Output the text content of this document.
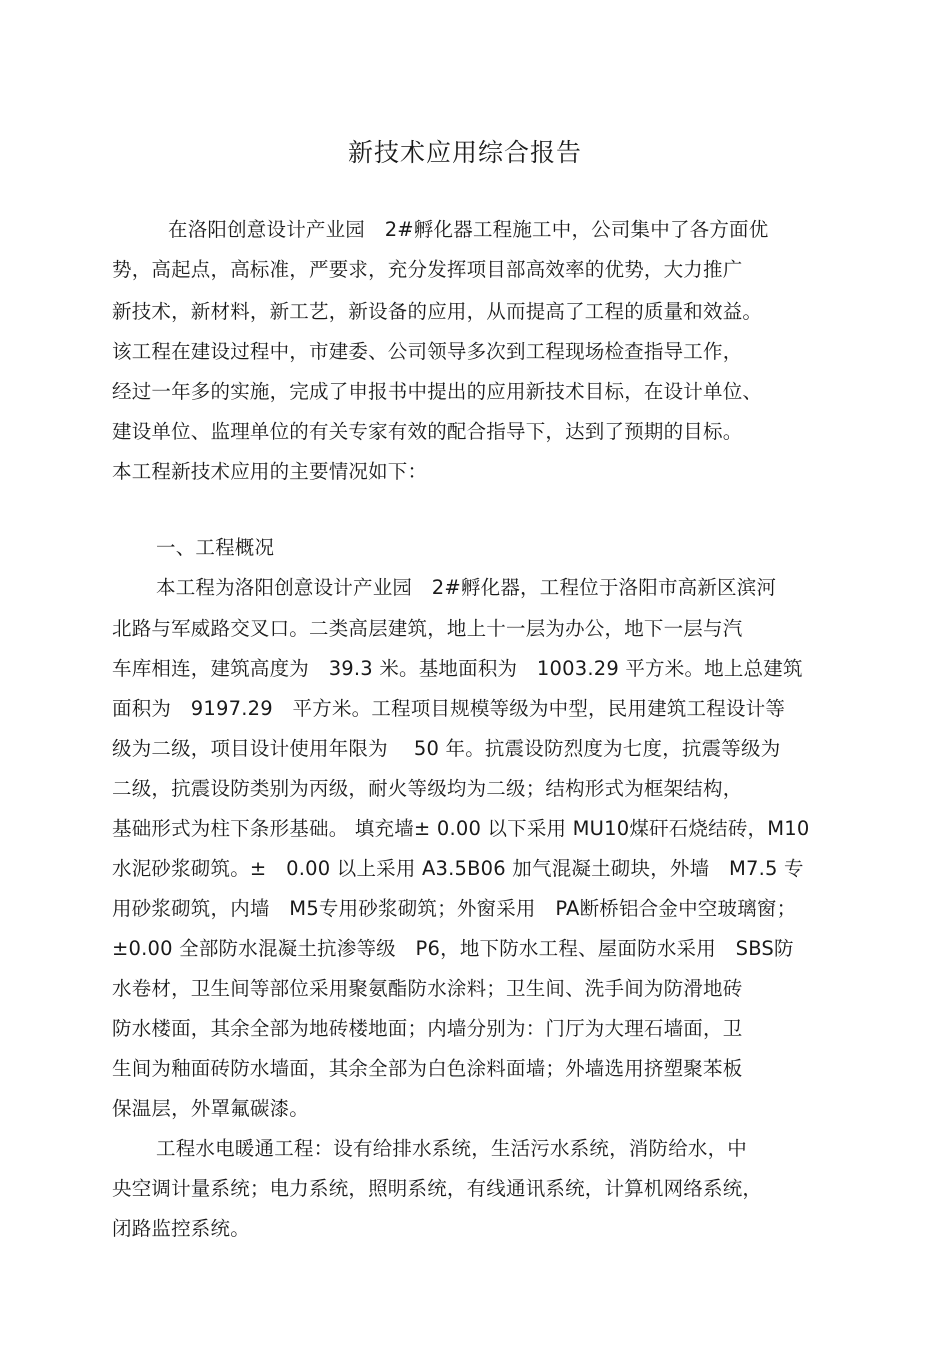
新技术应用综合报告
在洛阳创意设计产业园　2#孵化器工程施工中，公司集中了各方面优
势，高起点，高标准，严要求，充分发挥项目部高效率的优势，大力推广
新技术，新材料，新工艺，新设备的应用，从而提高了工程的质量和效益。
该工程在建设过程中，市建委、公司领导多次到工程现场检查指导工作，
经过一年多的实施，完成了申报书中提出的应用新技术目标，在设计单位、
建设单位、监理单位的有关专家有效的配合指导下，达到了预期的目标。
本工程新技术应用的主要情况如下：
一、工程概况
本工程为洛阳创意设计产业园　2#孵化器，工程位于洛阳市高新区滨河
北路与军威路交叉口。二类高层建筑，地上十一层为办公，地下一层与汽
车库相连，建筑高度为　39.3 米。基地面积为　1003.29 平方米。地上总建筑
面积为　9197.29　平方米。工程项目规模等级为中型，民用建筑工程设计等
级为二级，项目设计使用年限为　 50 年。抗震设防烈度为七度，抗震等级为
二级，抗震设防类别为丙级，耐火等级均为二级；结构形式为框架结构，
基础形式为柱下条形基础。 填充墙± 0.00 以下采用 MU10煤矸石烧结砖，M10
水泥砂浆砌筑。±　0.00 以上采用 A3.5B06 加气混凝土砌块，外墙　M7.5 专
用砂浆砌筑，内墙　M5专用砂浆砌筑；外窗采用　PA断桥铝合金中空玻璃窗；
±0.00 全部防水混凝土抗渗等级　P6，地下防水工程、屋面防水采用　SBS防
水卷材，卫生间等部位采用聚氨酯防水涂料；卫生间、洗手间为防滑地砖
防水楼面，其余全部为地砖楼地面；内墙分别为：门厅为大理石墙面，卫
生间为釉面砖防水墙面，其余全部为白色涂料面墙；外墙选用挤塑聚苯板
保温层，外罩氟碳漆。
工程水电暖通工程：设有给排水系统，生活污水系统，消防给水，中
央空调计量系统；电力系统，照明系统，有线通讯系统，计算机网络系统，
闭路监控系统。
